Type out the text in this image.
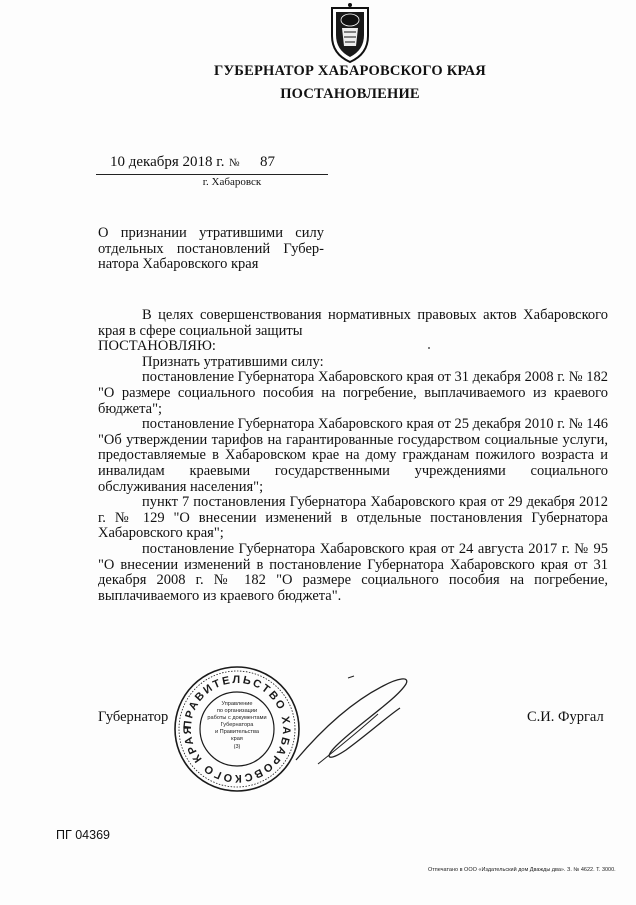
ГУБЕРНАТОР ХАБАРОВСКОГО КРАЯ
ПОСТАНОВЛЕНИЕ
10 декабря 2018 г. № 87
г. Хабаровск
О признании утратившими силу отдельных постановлений Губернатора Хабаровского края

В целях совершенствования нормативных правовых актов Хабаровского края в сфере социальной защиты

ПОСТАНОВЛЯЮ:

Признать утратившими силу:

постановление Губернатора Хабаровского края от 31 декабря 2008 г. № 182 "О размере социального пособия на погребение, выплачиваемого из краевого бюджета";

постановление Губернатора Хабаровского края от 25 декабря 2010 г. № 146 "Об утверждении тарифов на гарантированные государством социальные услуги, предоставляемые в Хабаровском крае на дому гражданам пожилого возраста и инвалидам краевыми государственными учреждениями социального обслуживания населения";

пункт 7 постановления Губернатора Хабаровского края от 29 декабря 2012 г. № 129 "О внесении изменений в отдельные постановления Губернатора Хабаровского края";

постановление Губернатора Хабаровского края от 24 августа 2017 г. № 95 "О внесении изменений в постановление Губернатора Хабаровского края от 31 декабря 2008 г. № 182 "О размере социального пособия на погребение, выплачиваемого из краевого бюджета".

Губернатор	С.И. Фургал
ПРАВИТЕЛЬСТВО ХАБАРОВСКОГО КРАЯ
Управление
по организации
работы с документами
Губернатора
и Правительства
края
(3)
ПГ 04369
Отпечатано в ООО «Издательский дом Дважды два». З. № 4622. Т. 3000.
